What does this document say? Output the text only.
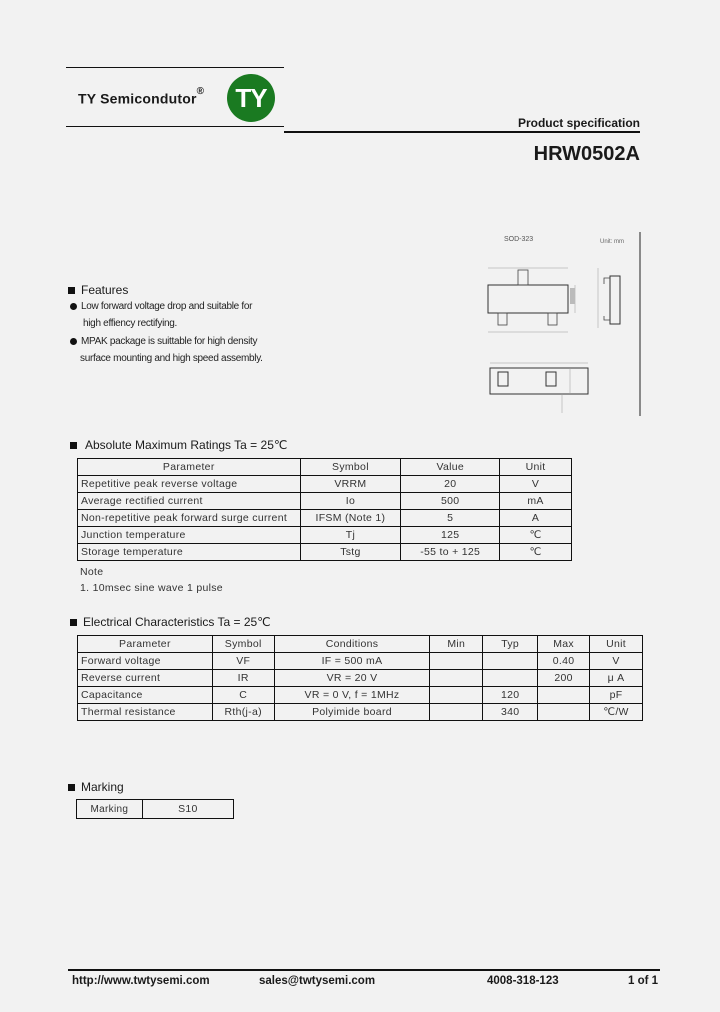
TY Semicondutor® TY
Product specification
HRW0502A
SOD-323	Unit: mm
Features
Low forward voltage drop and suitable for
high effiency rectifying.
MPAK package is suittable for high density
surface mounting and high speed assembly.
Absolute Maximum Ratings Ta = 25℃
Parameter	Symbol	Value	Unit
Repetitive peak reverse voltage	VRRM	20	V
Average rectified current	Io	500	mA
Non-repetitive peak forward surge current	IFSM (Note 1)	5	A
Junction temperature	Tj	125	℃
Storage temperature	Tstg	-55 to + 125	℃
Note
1. 10msec sine wave 1 pulse
Electrical Characteristics Ta = 25℃
Parameter	Symbol	Conditions	Min	Typ	Max	Unit
Forward voltage	VF	IF = 500 mA			0.40	V
Reverse current	IR	VR = 20 V			200	μ A
Capacitance	C	VR = 0 V, f = 1MHz		120		pF
Thermal resistance	Rth(j-a)	Polyimide board		340		℃/W
Marking
Marking	S10
http://www.twtysemi.com	sales@twtysemi.com	4008-318-123	1 of 1
